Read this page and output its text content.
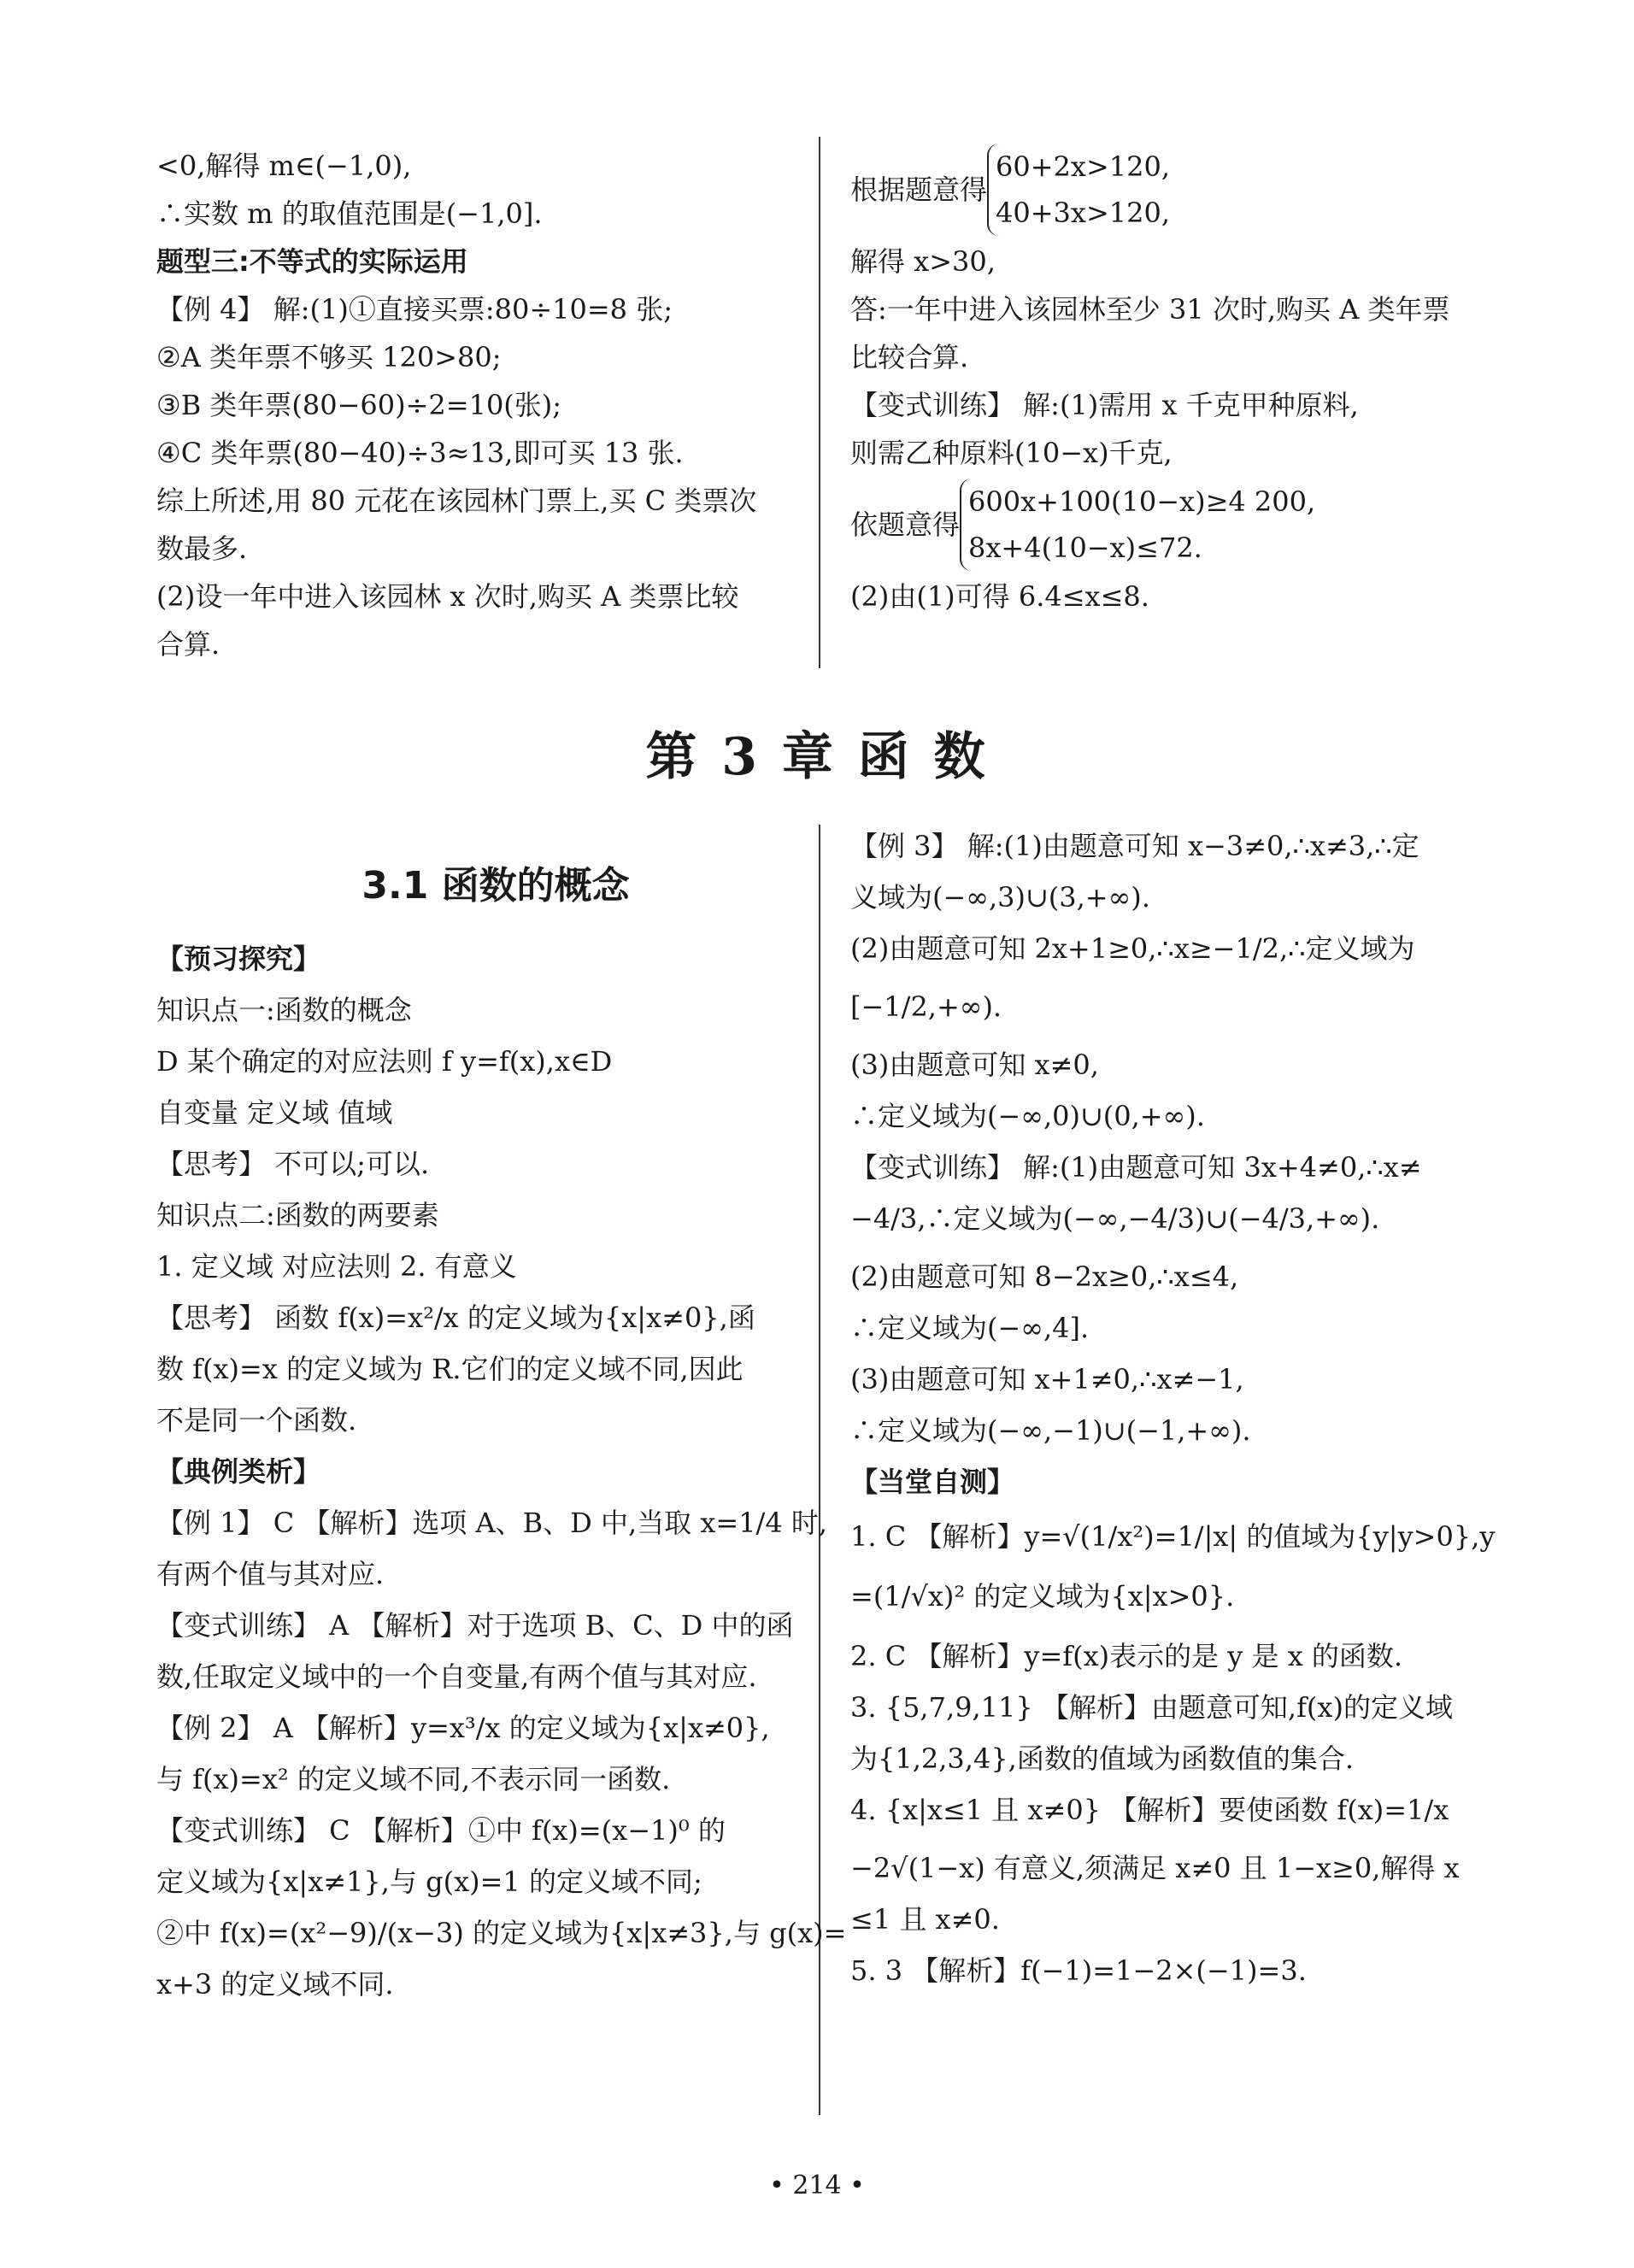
<0,解得 m∈(−1,0),
∴实数 m 的取值范围是(−1,0].
题型三:不等式的实际运用
【例 4】 解:(1)①直接买票:80÷10=8 张;
②A 类年票不够买 120>80;
③B 类年票(80−60)÷2=10(张);
④C 类年票(80−40)÷3≈13,即可买 13 张.
综上所述,用 80 元花在该园林门票上,买 C 类票次
数最多.
(2)设一年中进入该园林 x 次时,购买 A 类票比较
合算.
根据题意得
60+2x>120,
40+3x>120,
解得 x>30,
答:一年中进入该园林至少 31 次时,购买 A 类年票
比较合算.
【变式训练】 解:(1)需用 x 千克甲种原料,
则需乙种原料(10−x)千克,
依题意得
600x+100(10−x)≥4 200,
8x+4(10−x)≤72.
(2)由(1)可得 6.4≤x≤8.
第 3 章 函 数
3.1 函数的概念
【预习探究】
知识点一:函数的概念
D 某个确定的对应法则 f y=f(x),x∈D
自变量 定义域 值域
【思考】 不可以;可以.
知识点二:函数的两要素
1. 定义域 对应法则 2. 有意义
【思考】 函数 f(x)=x²/x 的定义域为{x|x≠0},函
数 f(x)=x 的定义域为 R.它们的定义域不同,因此
不是同一个函数.
【典例类析】
【例 1】 C 【解析】选项 A、B、D 中,当取 x=1/4 时,
有两个值与其对应.
【变式训练】 A 【解析】对于选项 B、C、D 中的函
数,任取定义域中的一个自变量,有两个值与其对应.
【例 2】 A 【解析】y=x³/x 的定义域为{x|x≠0},
与 f(x)=x² 的定义域不同,不表示同一函数.
【变式训练】 C 【解析】①中 f(x)=(x−1)⁰ 的
定义域为{x|x≠1},与 g(x)=1 的定义域不同;
②中 f(x)=(x²−9)/(x−3) 的定义域为{x|x≠3},与 g(x)=
x+3 的定义域不同.
【例 3】 解:(1)由题意可知 x−3≠0,∴x≠3,∴定
义域为(−∞,3)∪(3,+∞).
(2)由题意可知 2x+1≥0,∴x≥−1/2,∴定义域为
[−1/2,+∞).
(3)由题意可知 x≠0,
∴定义域为(−∞,0)∪(0,+∞).
【变式训练】 解:(1)由题意可知 3x+4≠0,∴x≠
−4/3,∴定义域为(−∞,−4/3)∪(−4/3,+∞).
(2)由题意可知 8−2x≥0,∴x≤4,
∴定义域为(−∞,4].
(3)由题意可知 x+1≠0,∴x≠−1,
∴定义域为(−∞,−1)∪(−1,+∞).
【当堂自测】
1. C 【解析】y=√(1/x²)=1/|x| 的值域为{y|y>0},y
=(1/√x)² 的定义域为{x|x>0}.
2. C 【解析】y=f(x)表示的是 y 是 x 的函数.
3. {5,7,9,11} 【解析】由题意可知,f(x)的定义域
为{1,2,3,4},函数的值域为函数值的集合.
4. {x|x≤1 且 x≠0} 【解析】要使函数 f(x)=1/x
−2√(1−x) 有意义,须满足 x≠0 且 1−x≥0,解得 x
≤1 且 x≠0.
5. 3 【解析】f(−1)=1−2×(−1)=3.
• 214 •
